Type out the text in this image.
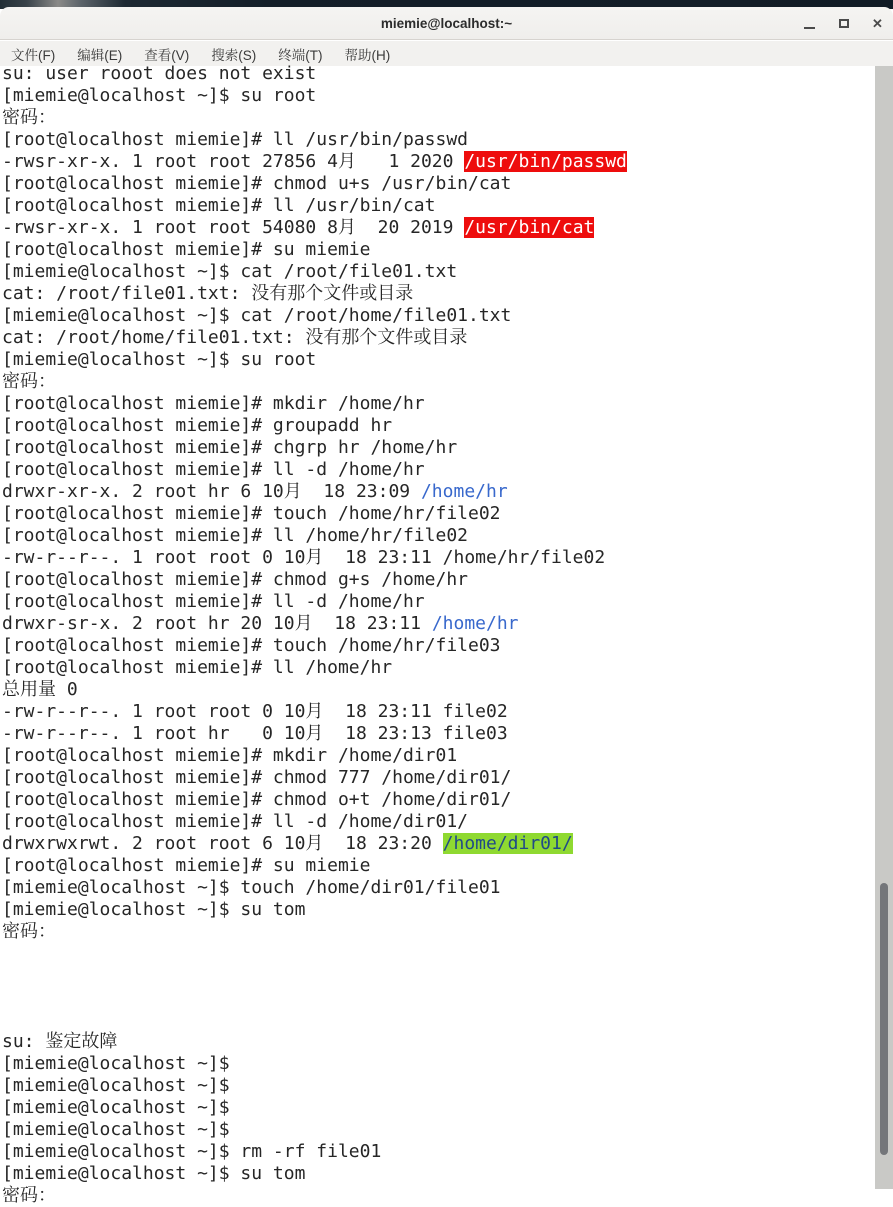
miemie@localhost:~	✕
文件(F) 编辑(E) 查看(V) 搜索(S) 终端(T) 帮助(H)
su: user rooot does not exist
[miemie@localhost ~]$ su root
密码：
[root@localhost miemie]# ll /usr/bin/passwd
-rwsr-xr-x. 1 root root 27856 4月   1 2020 /usr/bin/passwd
[root@localhost miemie]# chmod u+s /usr/bin/cat
[root@localhost miemie]# ll /usr/bin/cat
-rwsr-xr-x. 1 root root 54080 8月  20 2019 /usr/bin/cat
[root@localhost miemie]# su miemie
[miemie@localhost ~]$ cat /root/file01.txt
cat: /root/file01.txt: 没有那个文件或目录
[miemie@localhost ~]$ cat /root/home/file01.txt
cat: /root/home/file01.txt: 没有那个文件或目录
[miemie@localhost ~]$ su root
密码：
[root@localhost miemie]# mkdir /home/hr
[root@localhost miemie]# groupadd hr
[root@localhost miemie]# chgrp hr /home/hr
[root@localhost miemie]# ll -d /home/hr
drwxr-xr-x. 2 root hr 6 10月  18 23:09 /home/hr
[root@localhost miemie]# touch /home/hr/file02
[root@localhost miemie]# ll /home/hr/file02
-rw-r--r--. 1 root root 0 10月  18 23:11 /home/hr/file02
[root@localhost miemie]# chmod g+s /home/hr
[root@localhost miemie]# ll -d /home/hr
drwxr-sr-x. 2 root hr 20 10月  18 23:11 /home/hr
[root@localhost miemie]# touch /home/hr/file03
[root@localhost miemie]# ll /home/hr
总用量 0
-rw-r--r--. 1 root root 0 10月  18 23:11 file02
-rw-r--r--. 1 root hr   0 10月  18 23:13 file03
[root@localhost miemie]# mkdir /home/dir01
[root@localhost miemie]# chmod 777 /home/dir01/
[root@localhost miemie]# chmod o+t /home/dir01/
[root@localhost miemie]# ll -d /home/dir01/
drwxrwxrwt. 2 root root 6 10月  18 23:20 /home/dir01/
[root@localhost miemie]# su miemie
[miemie@localhost ~]$ touch /home/dir01/file01
[miemie@localhost ~]$ su tom
密码：

su: 鉴定故障
[miemie@localhost ~]$
[miemie@localhost ~]$
[miemie@localhost ~]$
[miemie@localhost ~]$
[miemie@localhost ~]$ rm -rf file01
[miemie@localhost ~]$ su tom
密码：
